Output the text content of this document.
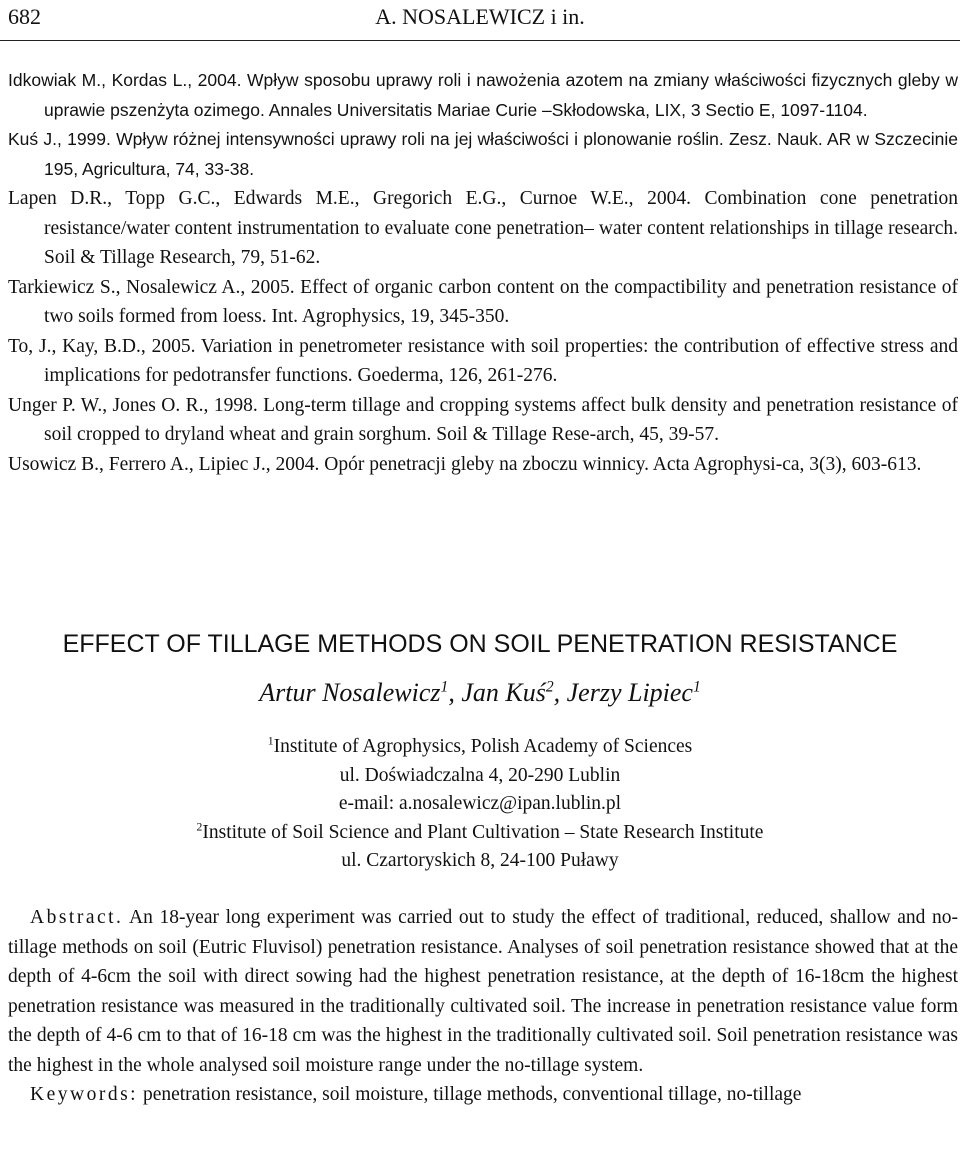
682	A. NOSALEWICZ i in.
Idkowiak M., Kordas L., 2004. Wpływ sposobu uprawy roli i nawożenia azotem na zmiany właściwości fizycznych gleby w uprawie pszenżyta ozimego. Annales Universitatis Mariae Curie –Skłodowska, LIX, 3 Sectio E, 1097-1104.
Kuś J., 1999. Wpływ różnej intensywności uprawy roli na jej właściwości i plonowanie roślin. Zesz. Nauk. AR w Szczecinie 195, Agricultura, 74, 33-38.
Lapen D.R., Topp G.C., Edwards M.E., Gregorich E.G., Curnoe W.E., 2004. Combination cone penetration resistance/water content instrumentation to evaluate cone penetration– water content relationships in tillage research. Soil & Tillage Research, 79, 51-62.
Tarkiewicz S., Nosalewicz A., 2005. Effect of organic carbon content on the compactibility and penetration resistance of two soils formed from loess. Int. Agrophysics, 19, 345-350.
To, J., Kay, B.D., 2005. Variation in penetrometer resistance with soil properties: the contribution of effective stress and implications for pedotransfer functions. Goederma, 126, 261-276.
Unger P. W., Jones O. R., 1998. Long-term tillage and cropping systems affect bulk density and penetration resistance of soil cropped to dryland wheat and grain sorghum. Soil & Tillage Rese-arch, 45, 39-57.
Usowicz B., Ferrero A., Lipiec J., 2004. Opór penetracji gleby na zboczu winnicy. Acta Agrophysi-ca, 3(3), 603-613.
EFFECT OF TILLAGE METHODS ON SOIL PENETRATION RESISTANCE
Artur Nosalewicz$^1$, Jan Kuś$^2$, Jerzy Lipiec$^1$
$^1$Institute of Agrophysics, Polish Academy of Sciences
ul. Doświadczalna 4, 20-290 Lublin
e-mail: a.nosalewicz@ipan.lublin.pl
$^2$Institute of Soil Science and Plant Cultivation – State Research Institute
ul. Czartoryskich 8, 24-100 Puławy

Abstract. An 18-year long experiment was carried out to study the effect of traditional, reduced, shallow and no-tillage methods on soil (Eutric Fluvisol) penetration resistance. Analyses of soil penetration resistance showed that at the depth of 4-6cm the soil with direct sowing had the highest penetration resistance, at the depth of 16-18cm the highest penetration resistance was measured in the traditionally cultivated soil. The increase in penetration resistance value form the depth of 4-6 cm to that of 16-18 cm was the highest in the traditionally cultivated soil. Soil penetration resistance was the highest in the whole analysed soil moisture range under the no-tillage system.

Keywords: penetration resistance, soil moisture, tillage methods, conventional tillage, no-tillage
